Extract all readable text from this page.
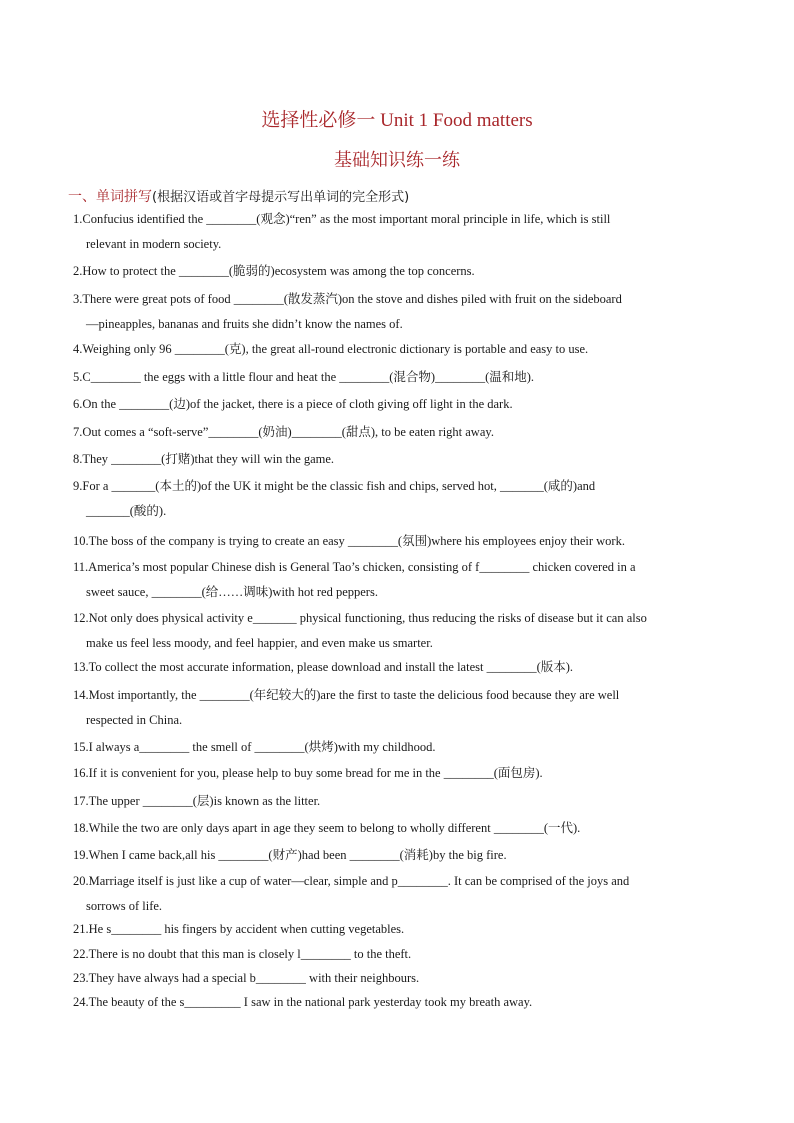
选择性必修一 Unit 1 Food matters
基础知识练一练
一、单词拼写(根据汉语或首字母提示写出单词的完全形式)
1.Confucius identified the ________(观念)“ren” as the most important moral principle in life, which is still
relevant in modern society.
2.How to protect the ________(脆弱的)ecosystem was among the top concerns.
3.There were great pots of food ________(散发蒸汽)on the stove and dishes piled with fruit on the sideboard
—pineapples, bananas and fruits she didn’t know the names of.
4.Weighing only 96 ________(克), the great all-round electronic dictionary is portable and easy to use.
5.C________ the eggs with a little flour and heat the ________(混合物)________(温和地).
6.On the ________(边)of the jacket, there is a piece of cloth giving off light in the dark.
7.Out comes a “soft-serve”________(奶油)________(甜点), to be eaten right away.
8.They ________(打赌)that they will win the game.
9.For a _______(本土的)of the UK it might be the classic fish and chips, served hot, _______(咸的)and
_______(酸的).
10.The boss of the company is trying to create an easy ________(氛围)where his employees enjoy their work.
11.America’s most popular Chinese dish is General Tao’s chicken, consisting of f________ chicken covered in a
sweet sauce, ________(给……调味)with hot red peppers.
12.Not only does physical activity e_______ physical functioning, thus reducing the risks of disease but it can also
make us feel less moody, and feel happier, and even make us smarter.
13.To collect the most accurate information, please download and install the latest ________(版本).
14.Most importantly, the ________(年纪较大的)are the first to taste the delicious food because they are well
respected in China.
15.I always a________ the smell of ________(烘烤)with my childhood.
16.If it is convenient for you, please help to buy some bread for me in the ________(面包房).
17.The upper ________(层)is known as the litter.
18.While the two are only days apart in age they seem to belong to wholly different ________(一代).
19.When I came back,all his ________(财产)had been ________(消耗)by the big fire.
20.Marriage itself is just like a cup of water—clear, simple and p________. It can be comprised of the joys and
sorrows of life.
21.He s________ his fingers by accident when cutting vegetables.
22.There is no doubt that this man is closely l________ to the theft.
23.They have always had a special b________ with their neighbours.
24.The beauty of the s_________ I saw in the national park yesterday took my breath away.
